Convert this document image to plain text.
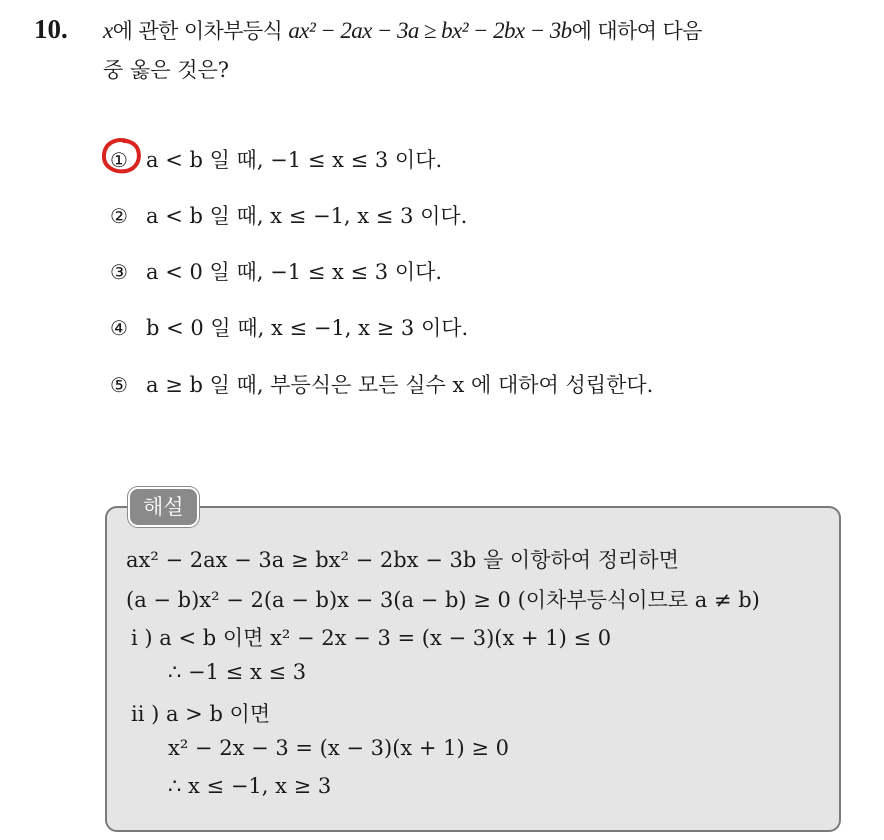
10. x에 관한 이차부등식 ax² − 2ax − 3a ≥ bx² − 2bx − 3b에 대하여 다음
중 옳은 것은?
① a < b 일 때, −1 ≤ x ≤ 3 이다.
② a < b 일 때, x ≤ −1, x ≤ 3 이다.
③ a < 0 일 때, −1 ≤ x ≤ 3 이다.
④ b < 0 일 때, x ≤ −1, x ≥ 3 이다.
⑤ a ≥ b 일 때, 부등식은 모든 실수 x 에 대하여 성립한다.
해설
ax² − 2ax − 3a ≥ bx² − 2bx − 3b 을 이항하여 정리하면
(a − b)x² − 2(a − b)x − 3(a − b) ≥ 0 (이차부등식이므로 a ≠ b)
i ) a < b 이면 x² − 2x − 3 = (x − 3)(x + 1) ≤ 0
∴ −1 ≤ x ≤ 3
ii ) a > b 이면
x² − 2x − 3 = (x − 3)(x + 1) ≥ 0
∴ x ≤ −1, x ≥ 3
